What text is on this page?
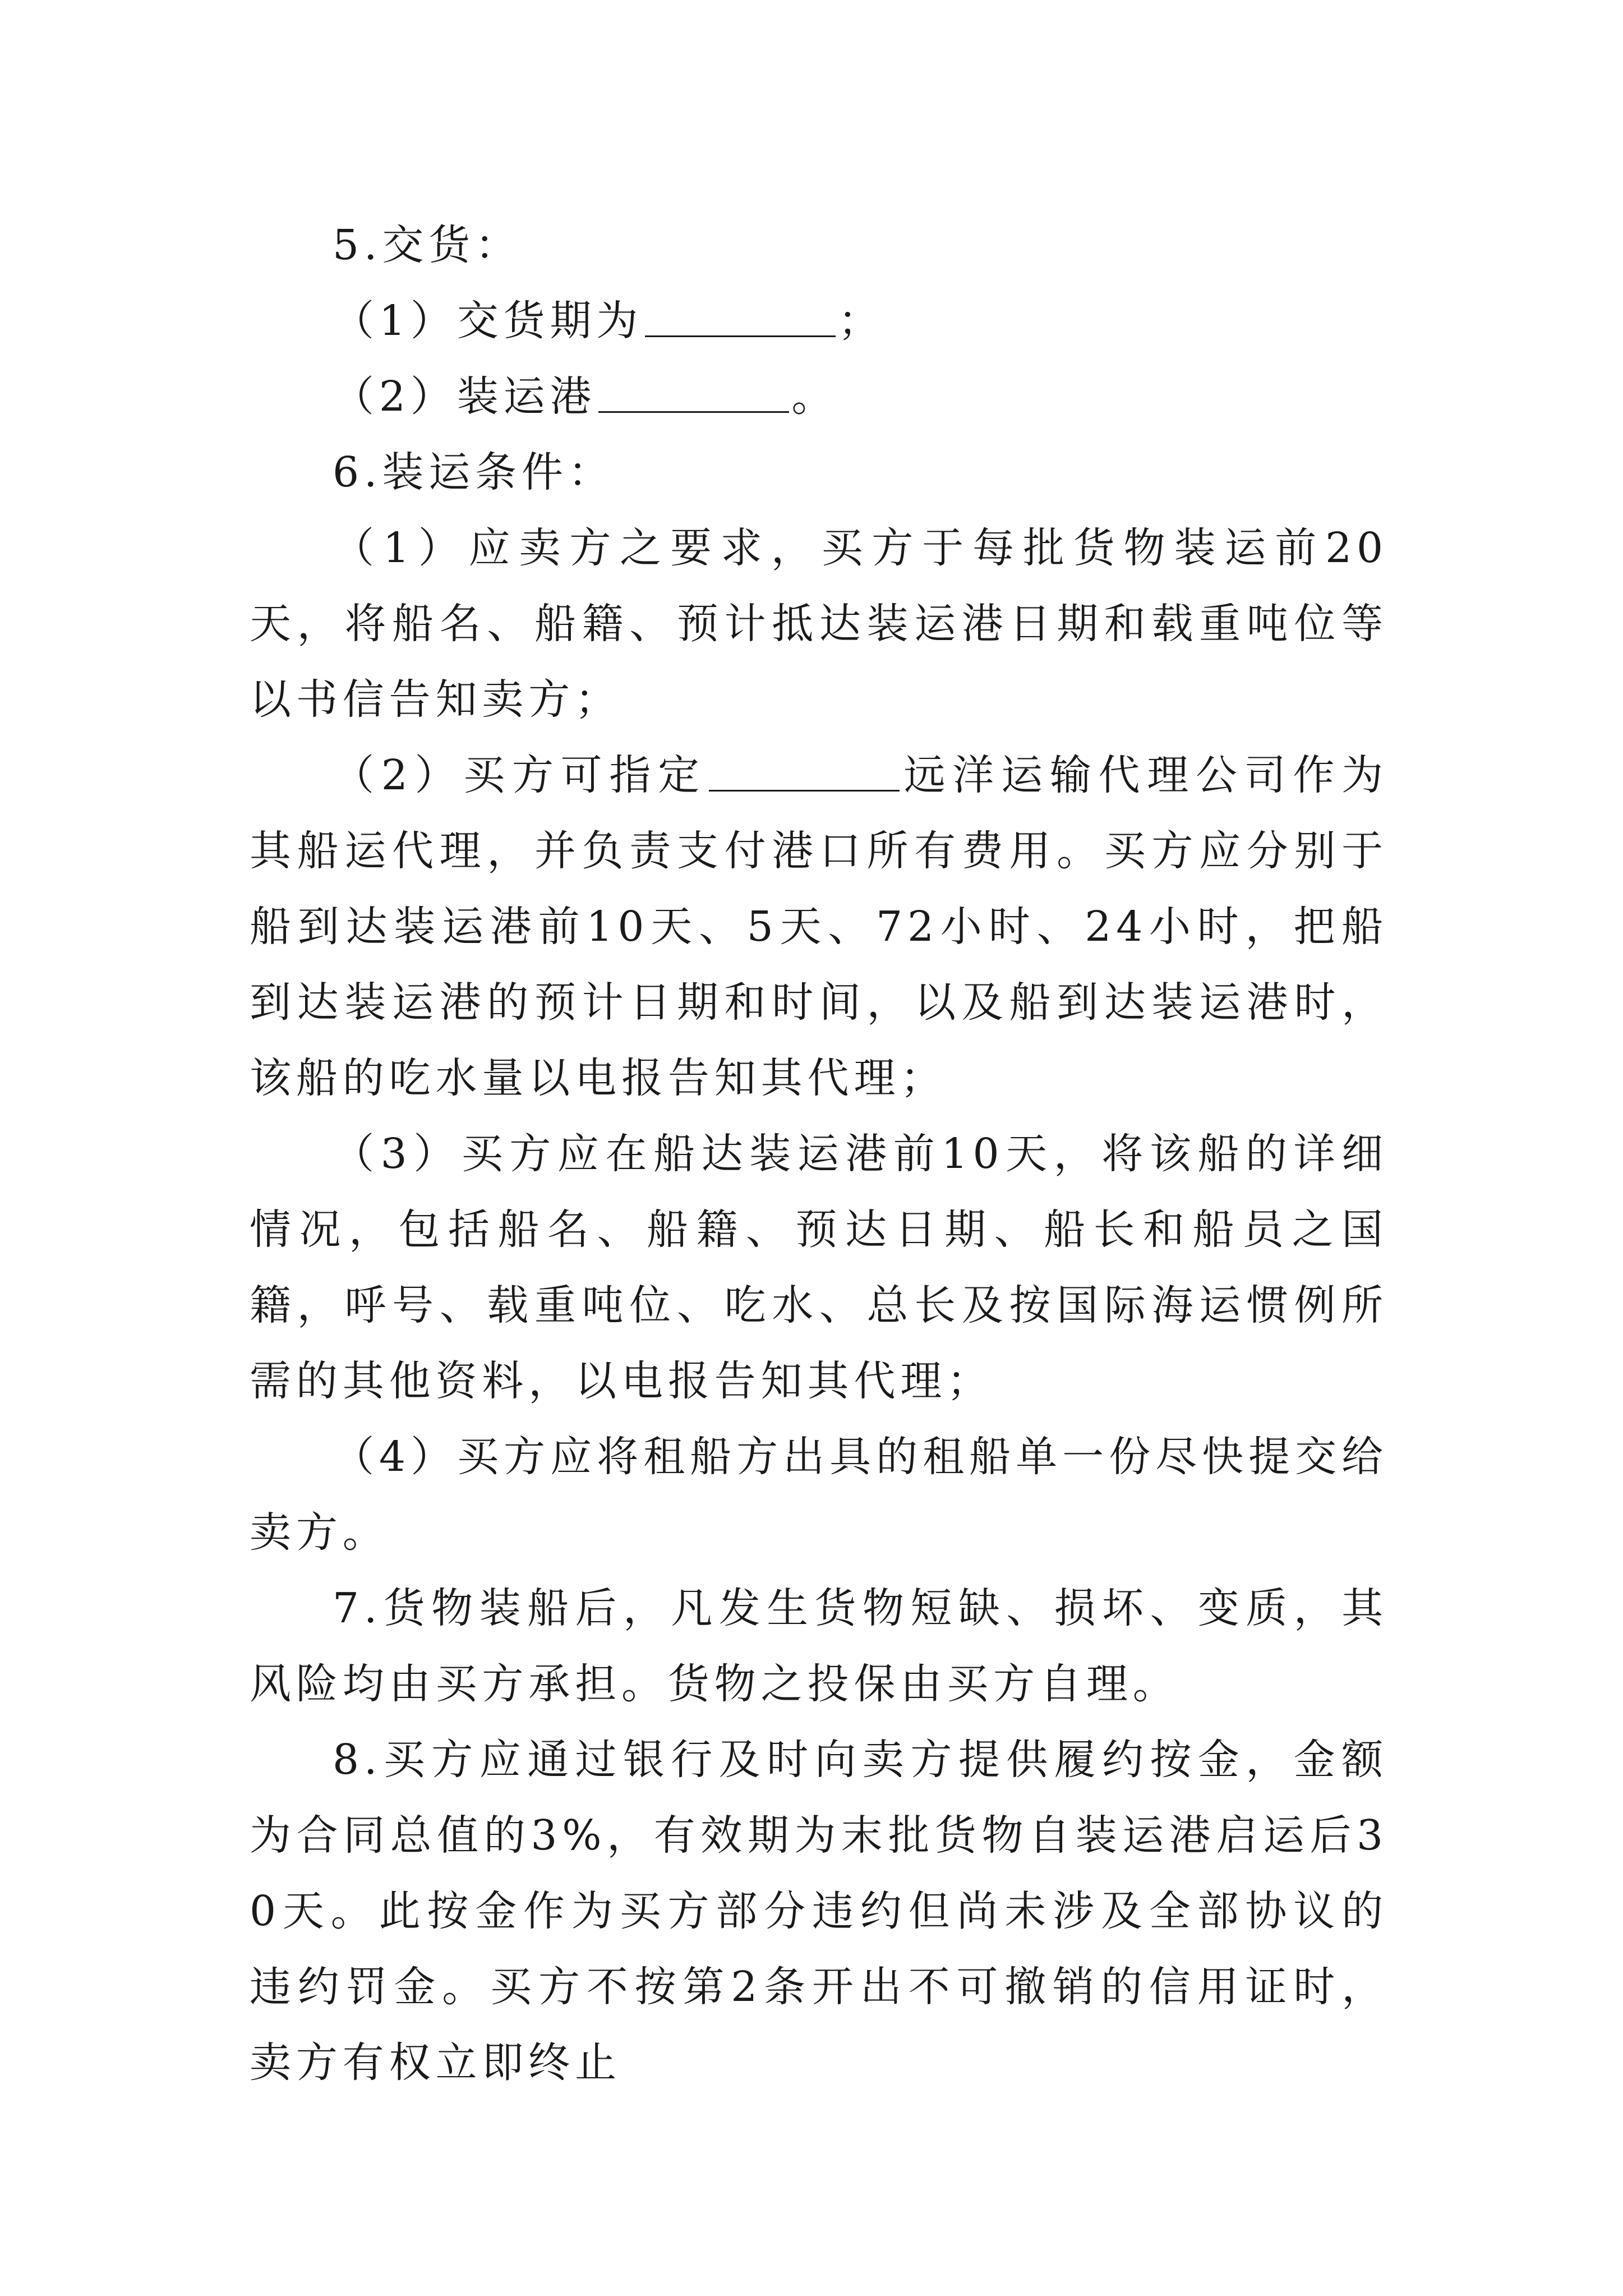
5.交货：

（1）交货期为	；

（2）装运港	。

6.装运条件：

（1）应卖方之要求，买方于每批货物装运前20天，将船名、船籍、预计抵达装运港日期和载重吨位等以书信告知卖方；

（2）买方可指定	远洋运输代理公司作为其船运代理，并负责支付港口所有费用。买方应分别于船到达装运港前10天、5天、72小时、24小时，把船到达装运港的预计日期和时间，以及船到达装运港时，该船的吃水量以电报告知其代理；

（3）买方应在船达装运港前10天，将该船的详细情况，包括船名、船籍、预达日期、船长和船员之国籍，呼号、载重吨位、吃水、总长及按国际海运惯例所需的其他资料，以电报告知其代理；

（4）买方应将租船方出具的租船单一份尽快提交给卖方。

7.货物装船后，凡发生货物短缺、损坏、变质，其风险均由买方承担。货物之投保由买方自理。

8.买方应通过银行及时向卖方提供履约按金，金额为合同总值的3%，有效期为末批货物自装运港启运后30天。此按金作为买方部分违约但尚未涉及全部协议的违约罚金。买方不按第2条开出不可撤销的信用证时，卖方有权立即终止
